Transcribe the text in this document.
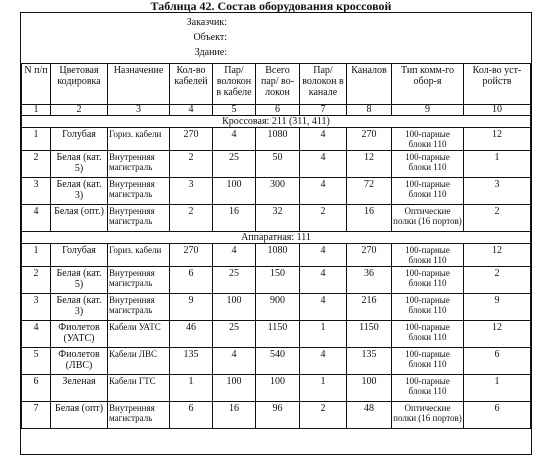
Таблица 42. Состав оборудования кроссовой
Заказчик:
Объект:
Здание:
N п/п	Цветовая кодировка	Назначение	Кол-во кабелей	Пар/ волокон в кабеле	Всего пар/ во-локон	Пар/ волокон в канале	Каналов	Тип комм-го обор-я	Кол-во уст-ройств
1	2	3	4	5	6	7	8	9	10
Кроссовая: 211 (311, 411)									
1	Голубая	Гориз. кабели	270	4	1080	4	270	100-парные блоки 110	12
2	Белая (кат. 5)	Внутренняя магистраль	2	25	50	4	12	100-парные блоки 110	1
3	Белая (кат. 3)	Внутренняя магистраль	3	100	300	4	72	100-парные блоки 110	3
4	Белая (опт.)	Внутренняя магистраль	2	16	32	2	16	Оптические полки (16 портов)	2
Аппаратная: 111									
1	Голубая	Гориз. кабели	270	4	1080	4	270	100-парные блоки 110	12
2	Белая (кат. 5)	Внутренняя магистраль	6	25	150	4	36	100-парные блоки 110	2
3	Белая (кат. 3)	Внутренняя магистраль	9	100	900	4	216	100-парные блоки 110	9
4	Фиолетов (УАТС)	Кабели УАТС	46	25	1150	1	1150	100-парные блоки 110	12
5	Фиолетов (ЛВС)	Кабели ЛВС	135	4	540	4	135	100-парные блоки 110	6
6	Зеленая	Кабели ГТС	1	100	100	1	100	100-парные блоки 110	1
7	Белая (опт)	Внутренняя магистраль	6	16	96	2	48	Оптические полки (16 портов)	6
